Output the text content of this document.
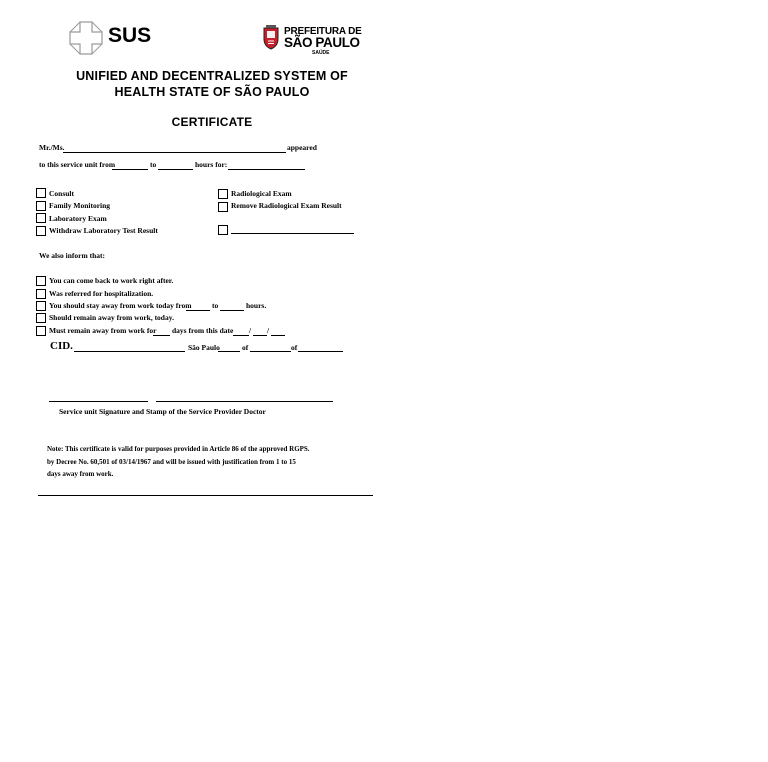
SUS	PREFEITURA DE
SÃO PAULO
SAÚDE
UNIFIED AND DECENTRALIZED SYSTEM OF
HEALTH STATE OF SÃO PAULO
CERTIFICATE
Mr./Ms.	appeared
to this service unit from	to	hours for:
Consult
Family Monitoring
Laboratory Exam
Withdraw Laboratory Test Result
Radiological Exam
Remove Radiological Exam Result
We also inform that:
You can come back to work right after.
Was referred for hospitalization.
You should stay away from work today from	to	hours.
Should remain away from work, today.
Must remain away from work for days from this date / /
CID.	São Paulo	of	of
Service unit Signature and Stamp of the Service Provider Doctor
Note: This certificate is valid for purposes provided in Article 86 of the approved RGPS.
by Decree No. 60,501 of 03/14/1967 and will be issued with justification from 1 to 15
days away from work.
